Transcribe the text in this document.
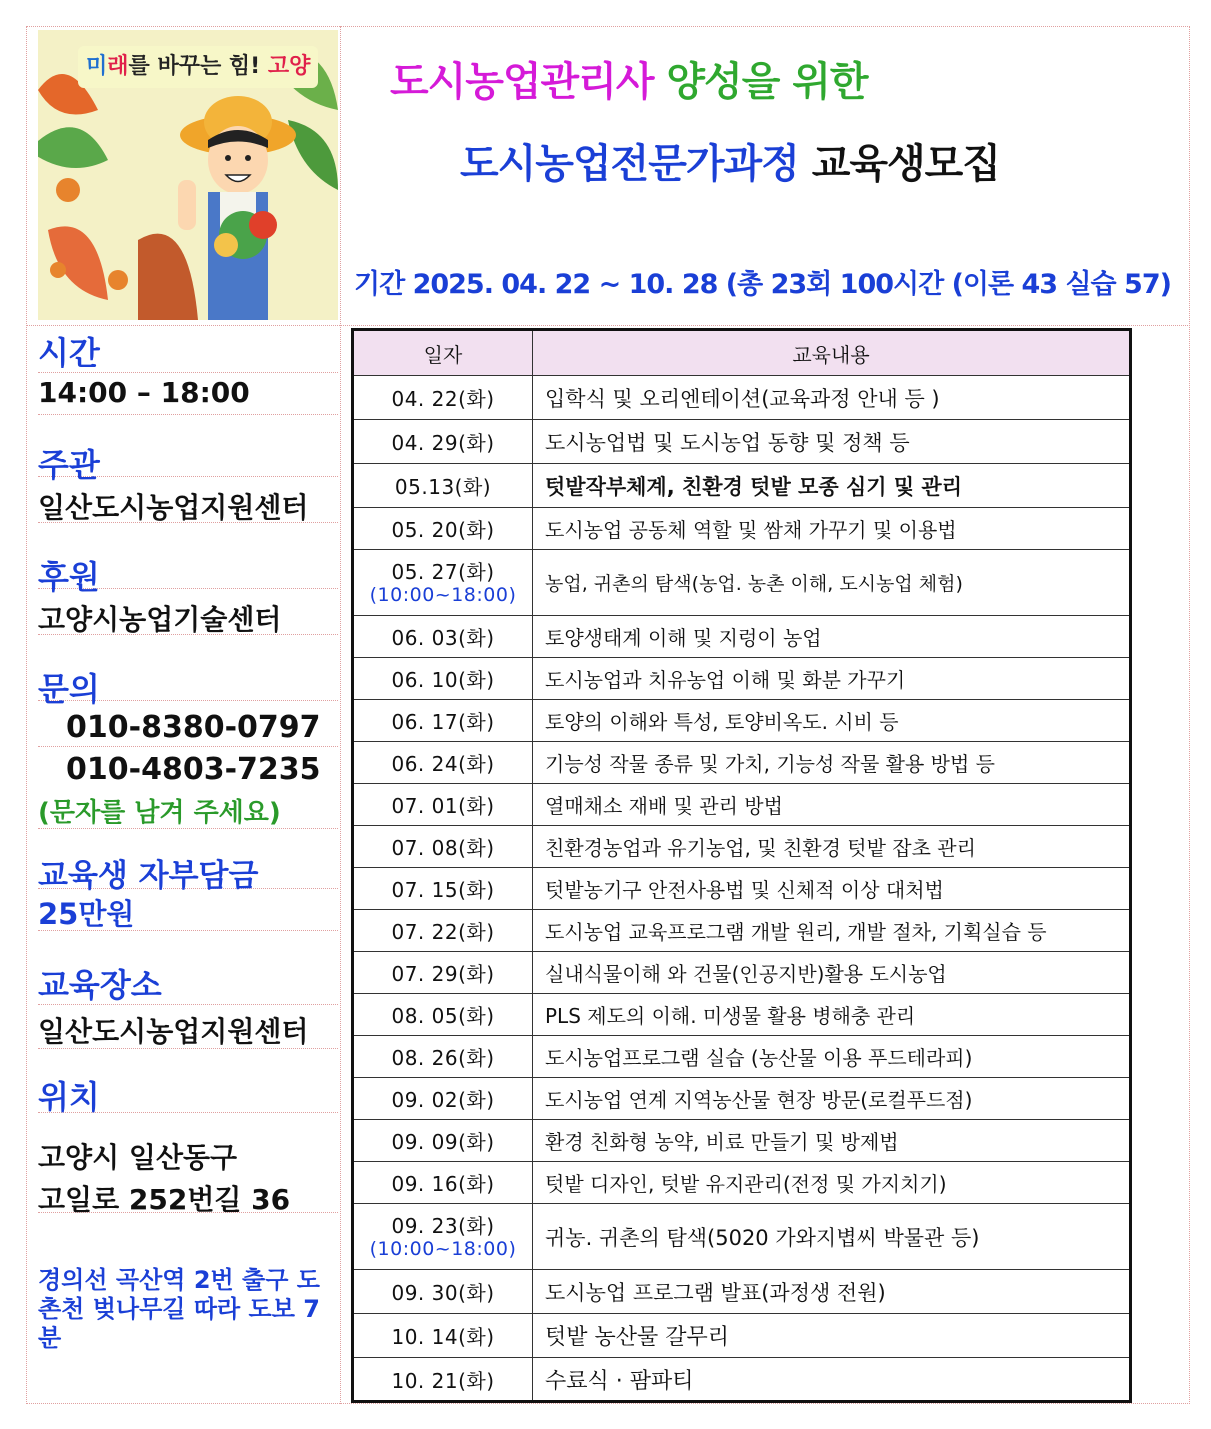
미래를 바꾸는 힘! 고양 도시농업관리사 양성을 위한
도시농업전문가과정 교육생모집
기간 2025. 04. 22 ~ 10. 28 (총 23회 100시간 (이론 43 실습 57)
시간
14:00 – 18:00
주관
일산도시농업지원센터
후원
고양시농업기술센터
문의
010-8380-0797
010-4803-7235
(문자를 남겨 주세요)
교육생 자부담금
25만원
교육장소
일산도시농업지원센터
위치
고양시 일산동구
고일로 252번길 36
경의선 곡산역 2번 출구 도촌천 벚나무길 따라 도보 7분
일자	교육내용
04. 22(화)	입학식 및 오리엔테이션(교육과정 안내 등 )
04. 29(화)	도시농업법 및 도시농업 동향 및 정책 등
05.13(화)	텃밭작부체계, 친환경 텃밭 모종 심기 및 관리
05. 20(화)	도시농업 공동체 역할 및 쌈채 가꾸기 및 이용법

05. 27(화)
(10:00~18:00)	농업, 귀촌의 탐색(농업. 농촌 이해, 도시농업 체험)
06. 03(화)	토양생태계 이해 및 지렁이 농업
06. 10(화)	도시농업과 치유농업 이해 및 화분 가꾸기
06. 17(화)	토양의 이해와 특성, 토양비옥도. 시비 등
06. 24(화)	기능성 작물 종류 및 가치, 기능성 작물 활용 방법 등
07. 01(화)	열매채소 재배 및 관리 방법
07. 08(화)	친환경농업과 유기농업, 및 친환경 텃밭 잡초 관리
07. 15(화)	텃밭농기구 안전사용법 및 신체적 이상 대처법
07. 22(화)	도시농업 교육프로그램 개발 원리, 개발 절차, 기획실습 등
07. 29(화)	실내식물이해 와 건물(인공지반)활용 도시농업
08. 05(화)	PLS 제도의 이해. 미생물 활용 병해충 관리
08. 26(화)	도시농업프로그램 실습 (농산물 이용 푸드테라피)
09. 02(화)	도시농업 연계 지역농산물 현장 방문(로컬푸드점)
09. 09(화)	환경 친화형 농약, 비료 만들기 및 방제법
09. 16(화)	텃밭 디자인, 텃밭 유지관리(전정 및 가지치기)

09. 23(화)
(10:00~18:00)	귀농. 귀촌의 탐색(5020 가와지볍씨 박물관 등)
09. 30(화)	도시농업 프로그램 발표(과정생 전원)
10. 14(화)	텃밭 농산물 갈무리
10. 21(화)	수료식 · 팜파티
